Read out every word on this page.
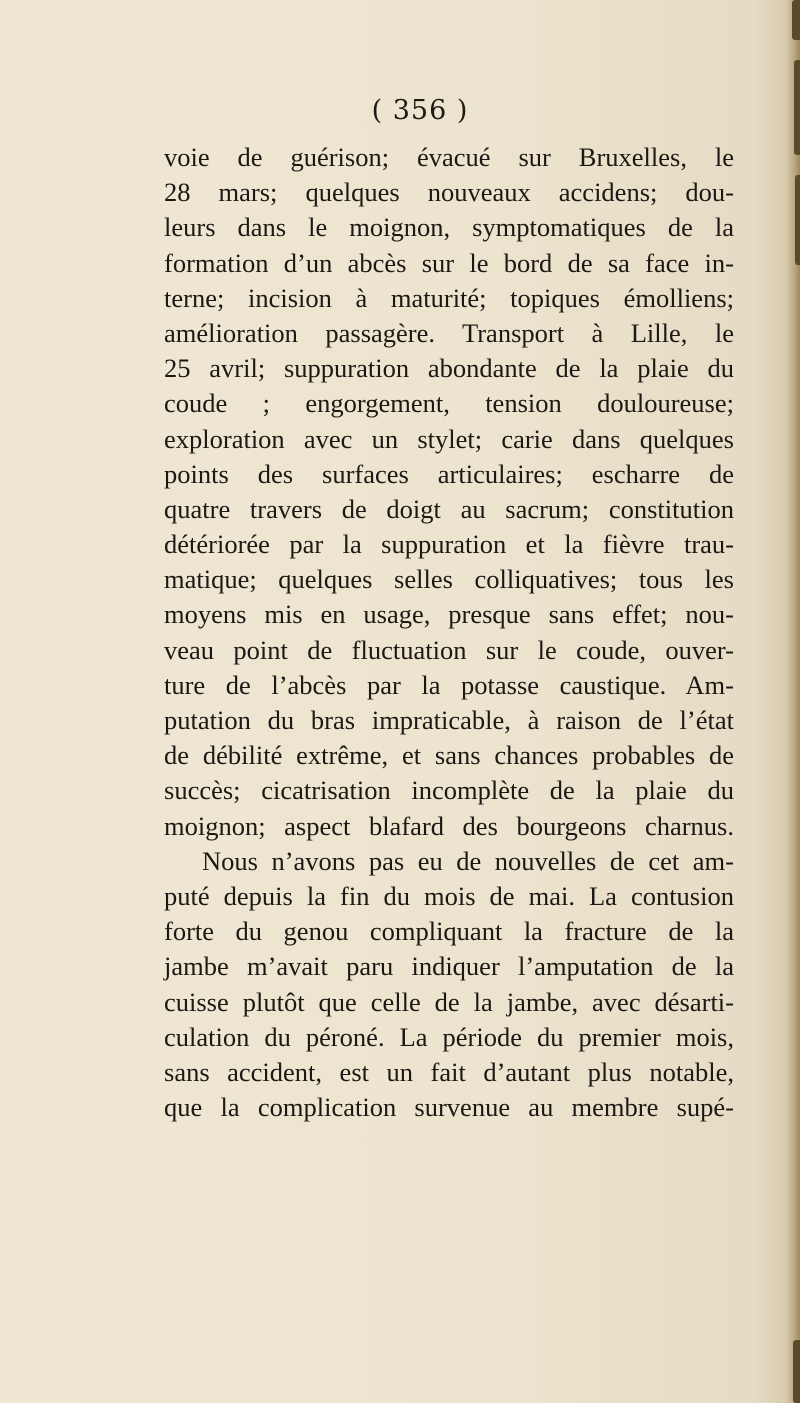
( 356 )
voie de guérison; évacué sur Bruxelles, le
28 mars; quelques nouveaux accidens; dou-
leurs dans le moignon, symptomatiques de la
formation d’un abcès sur le bord de sa face in-
terne; incision à maturité; topiques émolliens;
amélioration passagère. Transport à Lille, le
25 avril; suppuration abondante de la plaie du
coude ; engorgement, tension douloureuse;
exploration avec un stylet; carie dans quelques
points des surfaces articulaires; escharre de
quatre travers de doigt au sacrum; constitution
détériorée par la suppuration et la fièvre trau-
matique; quelques selles colliquatives; tous les
moyens mis en usage, presque sans effet; nou-
veau point de fluctuation sur le coude, ouver-
ture de l’abcès par la potasse caustique. Am-
putation du bras impraticable, à raison de l’état
de débilité extrême, et sans chances probables de
succès; cicatrisation incomplète de la plaie du
moignon; aspect blafard des bourgeons charnus.
Nous n’avons pas eu de nouvelles de cet am-
puté depuis la fin du mois de mai. La contusion
forte du genou compliquant la fracture de la
jambe m’avait paru indiquer l’amputation de la
cuisse plutôt que celle de la jambe, avec désarti-
culation du péroné. La période du premier mois,
sans accident, est un fait d’autant plus notable,
que la complication survenue au membre supé-
